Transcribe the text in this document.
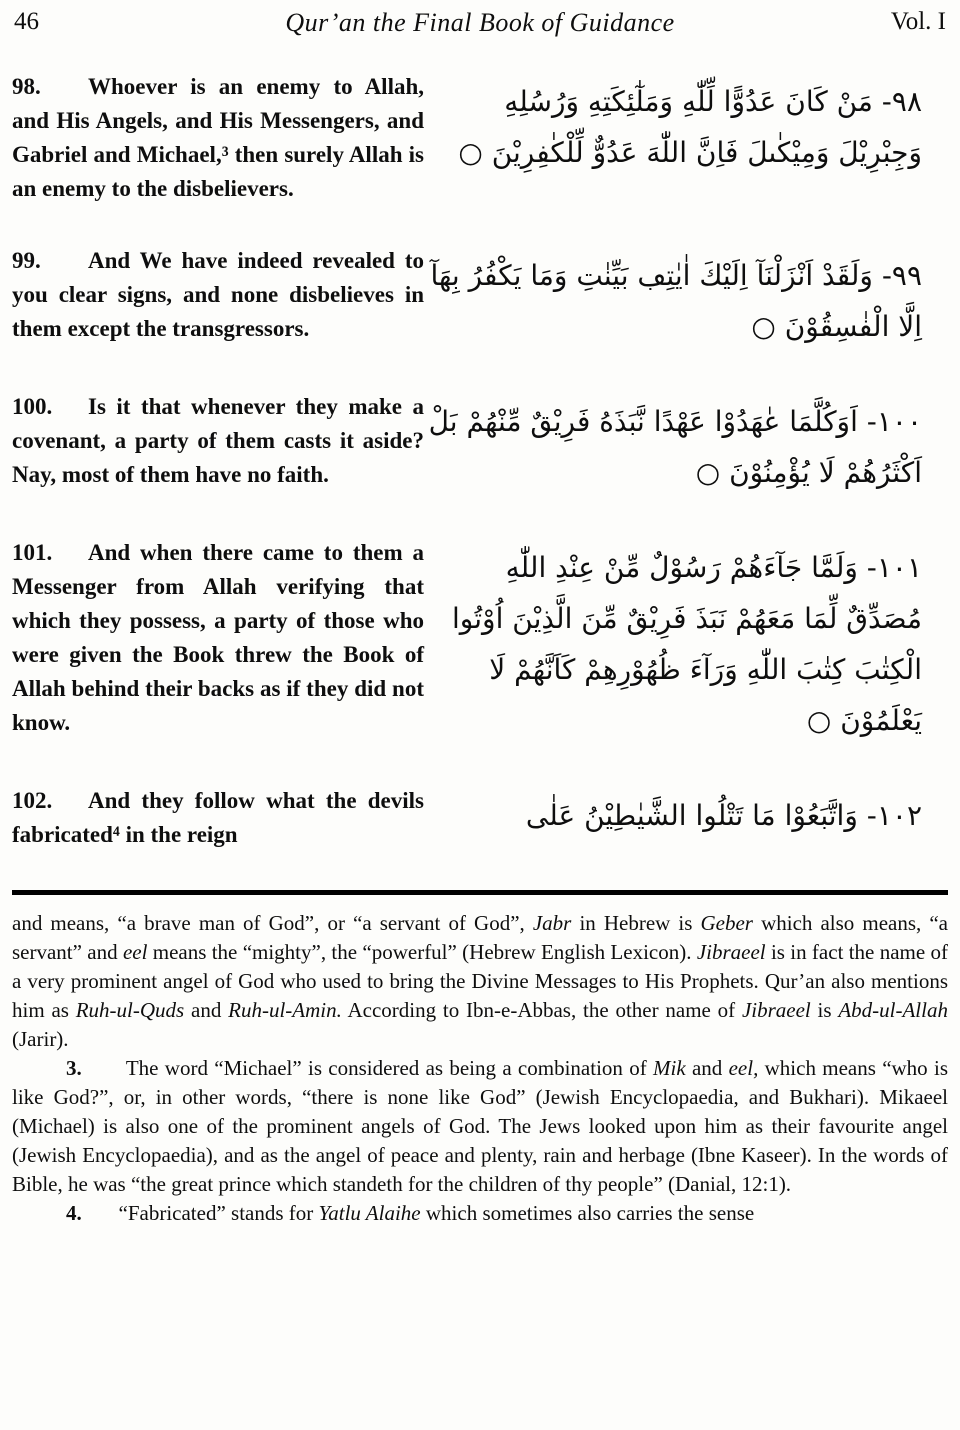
46	Qur’an the Final Book of Guidance	Vol. I
98. Whoever is an enemy to Allah, and His Angels, and His Messengers, and Gabriel and Michael,³ then surely Allah is an enemy to the disbelievers.
٩٨- مَنْ كَانَ عَدُوًّا لِّلّٰهِ وَمَلٰٓئِكَتِهِ وَرُسُلِهِ وَجِبْرِيْلَ وَمِيْكٰىلَ فَاِنَّ اللّٰهَ عَدُوٌّ لِّلْكٰفِرِيْنَ ○
99. And We have indeed revealed to you clear signs, and none disbelieves in them except the transgressors.
٩٩- وَلَقَدْ اَنْزَلْنَآ اِلَيْكَ اٰيٰتِڢ بَيِّنٰتِ وَمَا يَكْفُرُ بِهَآ اِلَّا الْفٰسِقُوْنَ ○
100. Is it that whenever they make a covenant, a party of them casts it aside? Nay, most of them have no faith.
١٠٠- اَوَكُلَّمَا عٰهَدُوْا عَهْدًا نَّبَذَهُ فَرِيْقٌ مِّنْهُمْ بَلْ اَكْثَرُهُمْ لَا يُؤْمِنُوْنَ ○
101. And when there came to them a Messenger from Allah verifying that which they possess, a party of those who were given the Book threw the Book of Allah behind their backs as if they did not know.
١٠١- وَلَمَّا جَآءَهُمْ رَسُوْلٌ مِّنْ عِنْدِ اللّٰهِ مُصَدِّقٌ لِّمَا مَعَهُمْ نَبَذَ فَرِيْقٌ مِّنَ الَّذِيْنَ اُوْتُوا الْكِتٰبَ كِتٰبَ اللّٰهِ وَرَآءَ ظُهُوْرِهِمْ كَاَنَّهُمْ لَا يَعْلَمُوْنَ ○
102. And they follow what the devils fabricated⁴ in the reign
١٠٢- وَاتَّبَعُوْا مَا تَتْلُوا الشَّيٰطِيْنُ عَلٰى

and means, “a brave man of God”, or “a servant of God”, Jabr in Hebrew is Geber which also means, “a servant” and eel means the “mighty”, the “powerful” (Hebrew English Lexicon). Jibraeel is in fact the name of a very prominent angel of God who used to bring the Divine Messages to His Prophets. Qur’an also mentions him as Ruh-ul-Quds and Ruh-ul-Amin. According to Ibn-e-Abbas, the other name of Jibraeel is Abd-ul-Allah (Jarir).

3.       The word “Michael” is considered as being a combination of Mik and eel, which means “who is like God?”, or, in other words, “there is none like God” (Jewish Encyclopaedia, and Bukhari). Mikaeel (Michael) is also one of the prominent angels of God. The Jews looked upon him as their favourite angel (Jewish Encyclopaedia), and as the angel of peace and plenty, rain and herbage (Ibne Kaseer). In the words of Bible, he was “the great prince which standeth for the children of thy people” (Danial, 12:1).

4.       “Fabricated” stands for Yatlu Alaihe which sometimes also carries the sense
